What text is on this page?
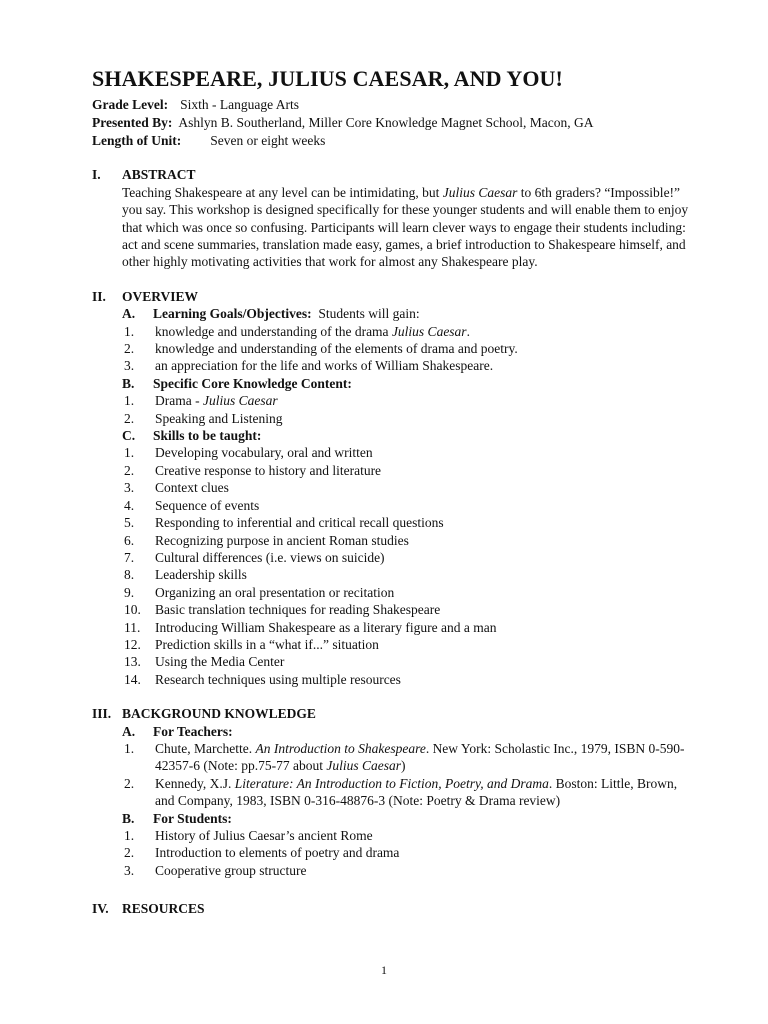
SHAKESPEARE, JULIUS CAESAR, AND YOU!
Grade Level: Sixth - Language Arts
Presented By: Ashlyn B. Southerland, Miller Core Knowledge Magnet School, Macon, GA
Length of Unit: Seven or eight weeks
I. ABSTRACT
Teaching Shakespeare at any level can be intimidating, but Julius Caesar to 6th graders? “Impossible!” you say. This workshop is designed specifically for these younger students and will enable them to enjoy that which was once so confusing. Participants will learn clever ways to engage their students including: act and scene summaries, translation made easy, games, a brief introduction to Shakespeare himself, and other highly motivating activities that work for almost any Shakespeare play.
II. OVERVIEW
A. Learning Goals/Objectives: Students will gain:
1. knowledge and understanding of the drama Julius Caesar.
2. knowledge and understanding of the elements of drama and poetry.
3. an appreciation for the life and works of William Shakespeare.
B. Specific Core Knowledge Content:
1. Drama - Julius Caesar
2. Speaking and Listening
C. Skills to be taught:
1. Developing vocabulary, oral and written
2. Creative response to history and literature
3. Context clues
4. Sequence of events
5. Responding to inferential and critical recall questions
6. Recognizing purpose in ancient Roman studies
7. Cultural differences (i.e. views on suicide)
8. Leadership skills
9. Organizing an oral presentation or recitation
10. Basic translation techniques for reading Shakespeare
11. Introducing William Shakespeare as a literary figure and a man
12. Prediction skills in a “what if...” situation
13. Using the Media Center
14. Research techniques using multiple resources
III. BACKGROUND KNOWLEDGE
A. For Teachers:
1. Chute, Marchette. An Introduction to Shakespeare. New York: Scholastic Inc., 1979, ISBN 0-590-42357-6 (Note: pp.75-77 about Julius Caesar)
2. Kennedy, X.J. Literature: An Introduction to Fiction, Poetry, and Drama. Boston: Little, Brown, and Company, 1983, ISBN 0-316-48876-3 (Note: Poetry & Drama review)
B. For Students:
1. History of Julius Caesar’s ancient Rome
2. Introduction to elements of poetry and drama
3. Cooperative group structure
IV. RESOURCES
1
